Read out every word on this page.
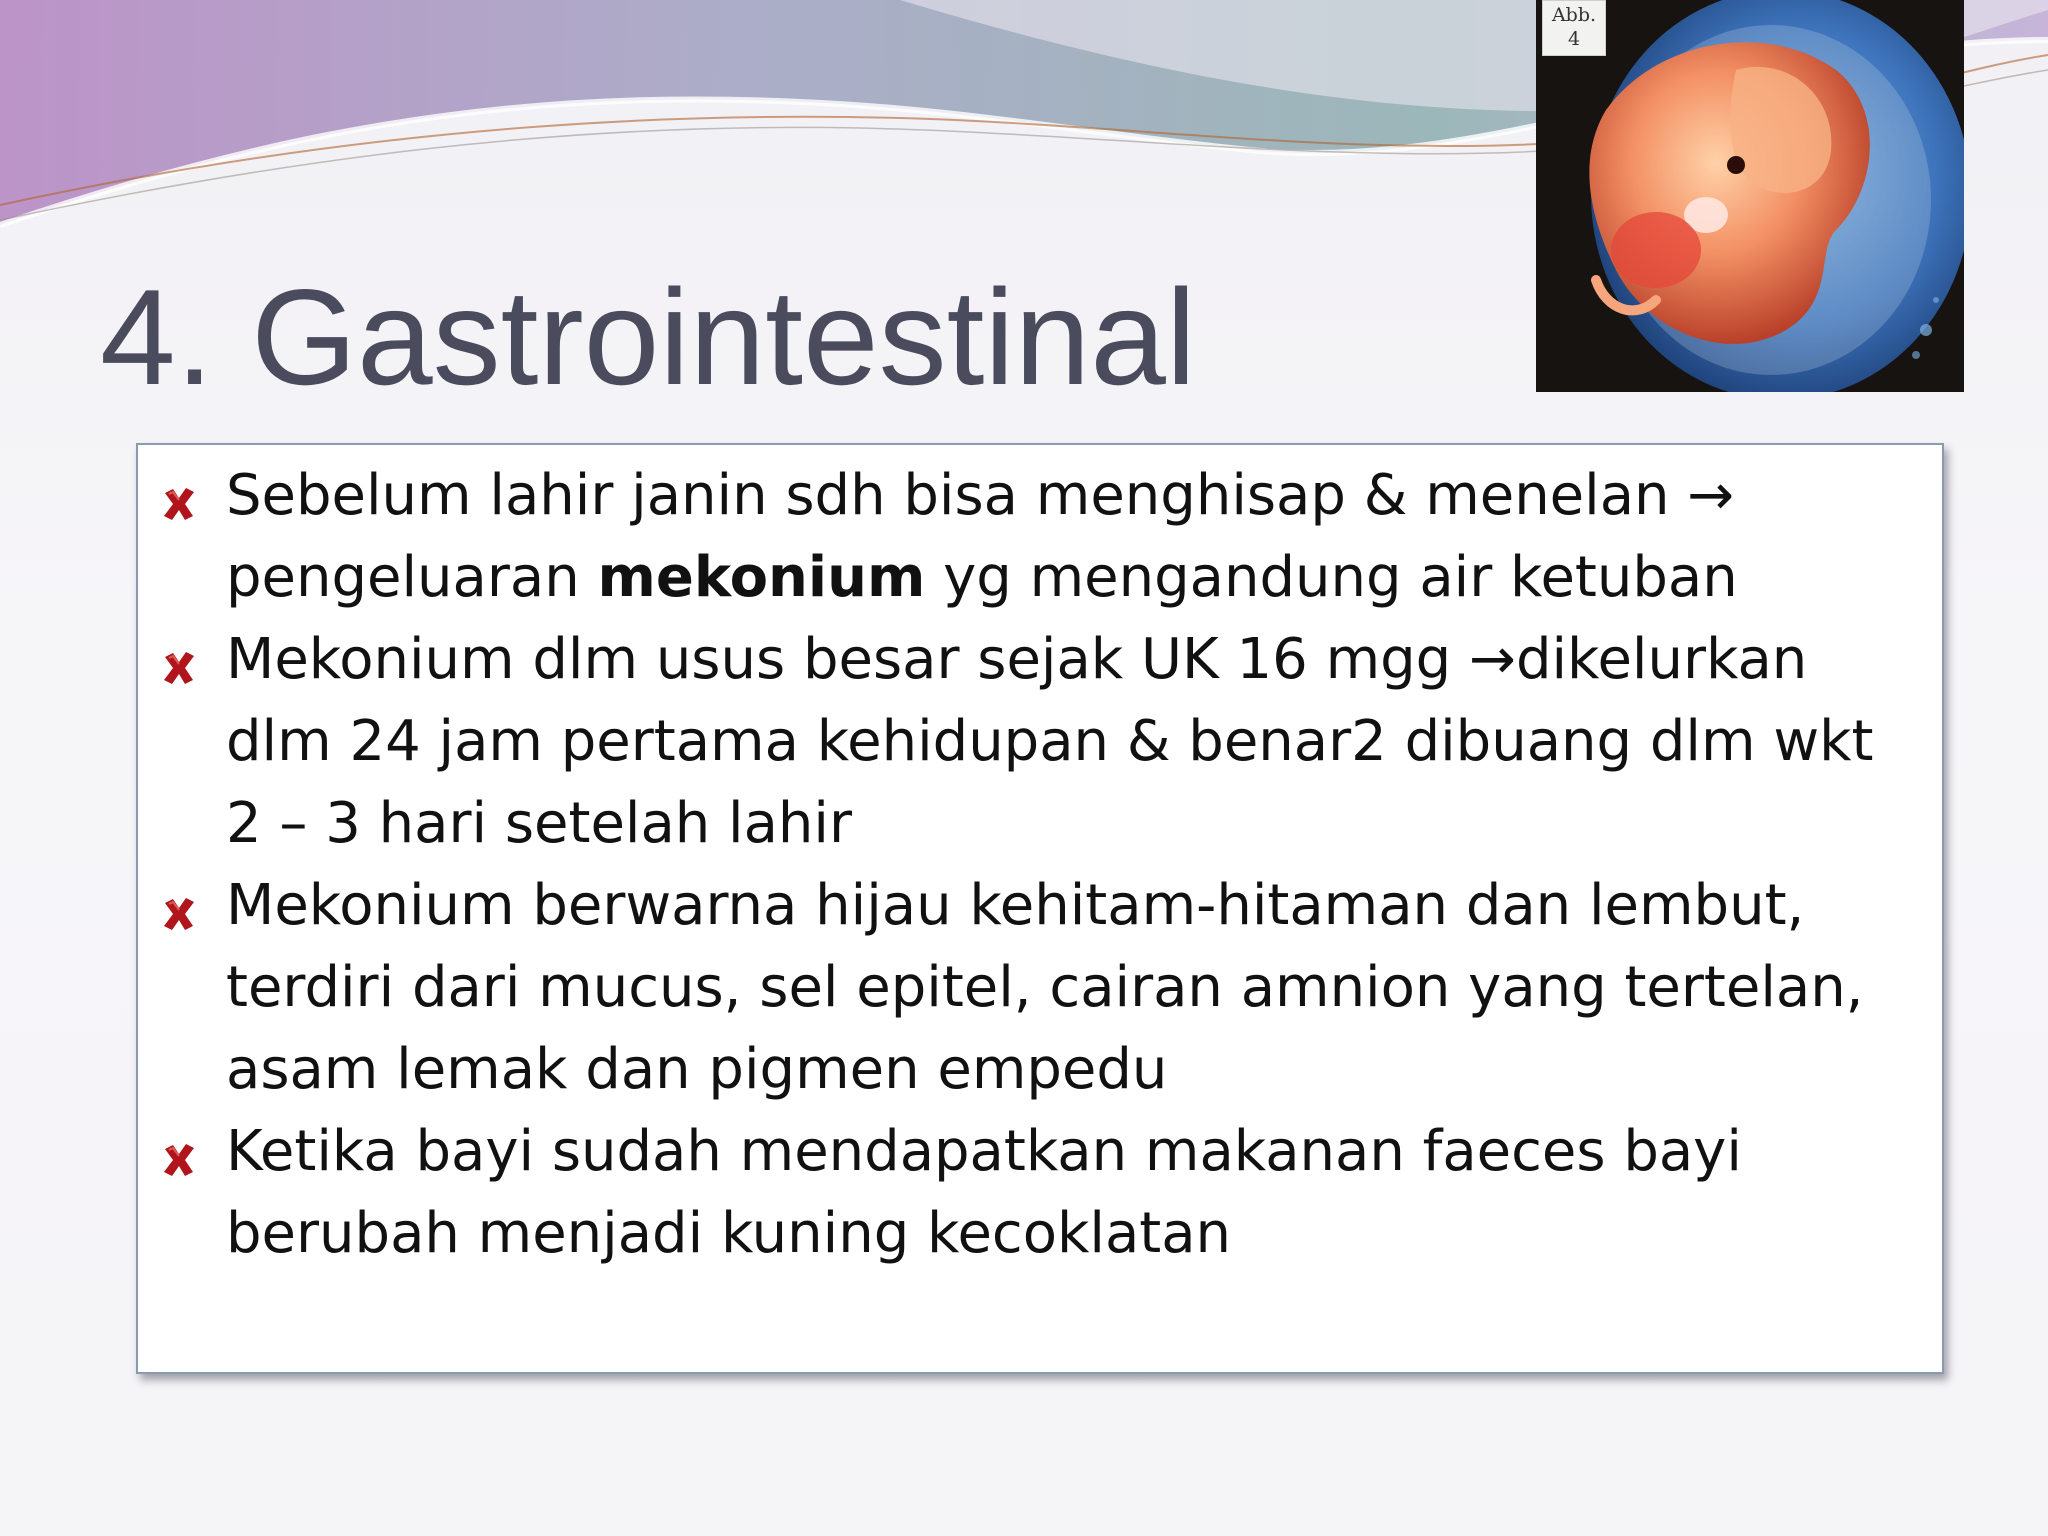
4. Gastrointestinal
Abb.
4
Sebelum lahir janin sdh bisa menghisap & menelan → pengeluaran mekonium yg mengandung air ketuban
Mekonium dlm usus besar sejak UK 16 mgg →dikelurkan dlm 24 jam pertama kehidupan & benar2 dibuang dlm wkt 2 – 3 hari setelah lahir
Mekonium berwarna hijau kehitam-hitaman dan lembut, terdiri dari mucus, sel epitel, cairan amnion yang tertelan, asam lemak dan pigmen empedu
Ketika bayi sudah mendapatkan makanan faeces bayi berubah menjadi kuning kecoklatan
